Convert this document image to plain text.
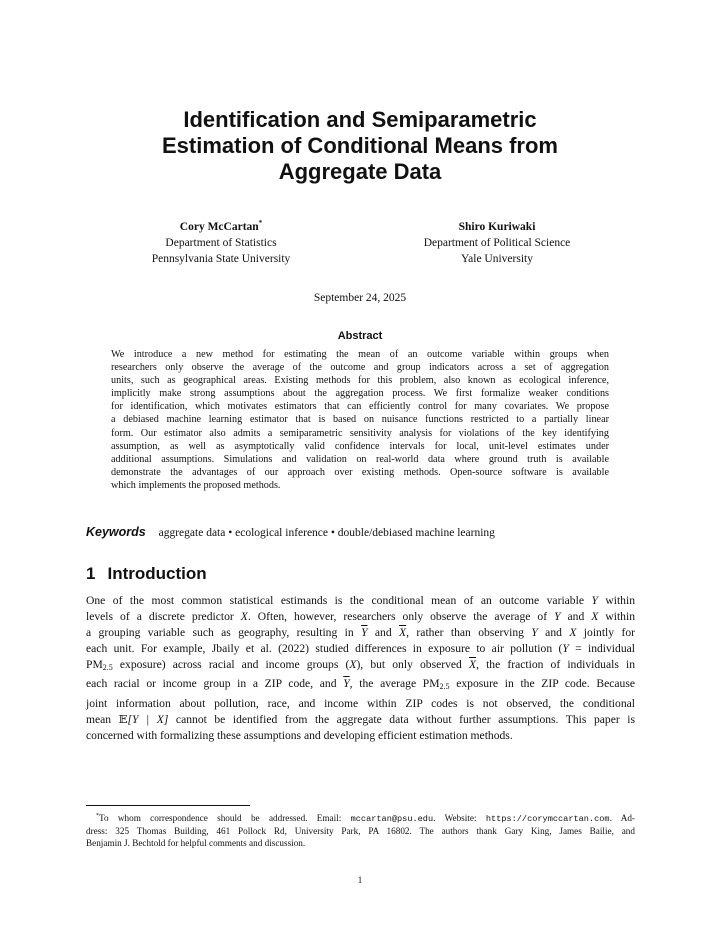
Identification and Semiparametric
Estimation of Conditional Means from
Aggregate Data
Cory McCartan*
Department of Statistics
Pennsylvania State University
Shiro Kuriwaki
Department of Political Science
Yale University
September 24, 2025
Abstract
We introduce a new method for estimating the mean of an outcome variable within groups when
researchers only observe the average of the outcome and group indicators across a set of aggregation
units, such as geographical areas. Existing methods for this problem, also known as ecological inference,
implicitly make strong assumptions about the aggregation process. We first formalize weaker conditions
for identification, which motivates estimators that can efficiently control for many covariates. We propose
a debiased machine learning estimator that is based on nuisance functions restricted to a partially linear
form. Our estimator also admits a semiparametric sensitivity analysis for violations of the key identifying
assumption, as well as asymptotically valid confidence intervals for local, unit-level estimates under
additional assumptions. Simulations and validation on real-world data where ground truth is available
demonstrate the advantages of our approach over existing methods. Open-source software is available
which implements the proposed methods.
Keywords aggregate data • ecological inference • double/debiased machine learning
1 Introduction
One of the most common statistical estimands is the conditional mean of an outcome variable Y within
levels of a discrete predictor X. Often, however, researchers only observe the average of Y and X within
a grouping variable such as geography, resulting in $\overline{Y}$ and $\overline{X}$, rather than observing Y and X jointly for
each unit. For example, Jbaily et al. (2022) studied differences in exposure to air pollution (Y = individual
$PM_{2.5}$ exposure) across racial and income groups (X), but only observed $\overline{X}$, the fraction of individuals in
each racial or income group in a ZIP code, and $\overline{Y}$, the average $PM_{2.5}$ exposure in the ZIP code. Because
joint information about pollution, race, and income within ZIP codes is not observed, the conditional
mean 𝔼[Y | X] cannot be identified from the aggregate data without further assumptions. This paper is
concerned with formalizing these assumptions and developing efficient estimation methods.
*To whom correspondence should be addressed. Email: mccartan@psu.edu. Website: https://corymccartan.com. Ad-
dress: 325 Thomas Building, 461 Pollock Rd, University Park, PA 16802. The authors thank Gary King, James Bailie, and
Benjamin J. Bechtold for helpful comments and discussion.
1
